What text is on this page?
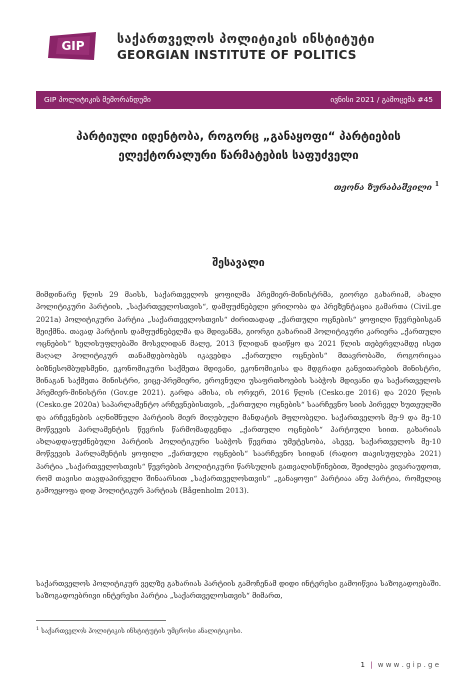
GIP	საქართველოს პოლიტიკის ინსტიტუტი
GEORGIAN INSTITUTE OF POLITICS
GIP პოლიტიკის მემორანდუმი	ივნისი 2021 / გამოცემა #45
პარტიული იდენტობა, როგორც „განაყოფი“ პარტიების
ელექტორალური წარმატების საფუძველი
თეონა ზურაბაშვილი $^1$
შესავალი
მიმდინარე წლის 29 მაისს, საქართველოს ყოფილმა პრემიერ-მინისტრმა, გიორგი გახარიამ, ახალი პოლიტიკური პარტიის, „საქართველოსთვის“, დამფუძნებელი ყრილობა და პრეზენტაცია გამართა (Civil.ge 2021a) პოლიტიკური პარტია „საქართველოსთვის“ ძირითადად „ქართული ოცნების“ ყოფილი წევრებისგან შეიქმნა. თავად პარტიის დამფუძნებელმა და მდივანმა, გიორგი გახარიამ პოლიტიკური კარიერა „ქართული ოცნების“ ხელისუფლებაში მოსვლიდან მალე, 2013 წლიდან დაიწყო და 2021 წლის თებერვლამდე ისეთ მაღალ პოლიტიკურ თანამდებობებს იკავებდა „ქართული ოცნების“ მთავრობაში, როგორიცაა ბიზნესომბუდსმენი, ეკონომიკური საქმეთა მდივანი, ეკონომიკისა და მდგრადი განვითარების მინისტრი, შინაგან საქმეთა მინისტრი, ვიცე-პრემიერი, ეროვნული უსაფრთხოების საბჭოს მდივანი და საქართველოს პრემიერ-მინისტრი (Gov.ge 2021). გარდა ამისა, ის ორჯერ, 2016 წლის (Cesko.ge 2016) და 2020 წლის (Cesko.ge 2020a) საპარლამენტო არჩევნებისთვის, „ქართული ოცნების“ საარჩევნო სიის პირველ ხუთეულში და არჩევნების აღნიშნული პარტიის მიერ მიღებული მანდატის მფლობელი. საქართველოს მე-9 და მე-10 მოწვევის პარლამენტის წევრის წარმომადგენდა „ქართული ოცნების“ პარტიული სიით. გახარიას ახლადდაფუძნებული პარტიის პოლიტიკური საბჭოს წევრთა უმეტესობა, ასევე, საქართველოს მე-10 მოწვევის პარლამენტის ყოფილი „ქართული ოცნების“ საარჩევნო სიიდან (რადიო თავისუფლება 2021) პარტია „საქართველოსთვის“ წევრების პოლიტიკური წარსულის გათვალისწინებით, შეიძლება ვივარაუდოთ, რომ თავისი თავდაპირველი შინაარსით „საქართველოსთვის“ „განაყოფი“ პარტიაა ანუ პარტია, რომელიც გამოეყოფა დიდ პოლიტიკურ პარტიას (Bågenholm 2013).
საქართველოს პოლიტიკურ ველზე გახარიას პარტიის გამოჩენამ დიდი ინტერესი გამოიწვია საზოგადოებაში. საზოგადოებრივი ინტერესი პარტია „საქართველოსთვის“ მიმართ,
$^1$ საქართველოს პოლიტიკის ინსტიტუტის უმცროსი ანალიტიკოსი.
1 | w w w . g i p . g e
